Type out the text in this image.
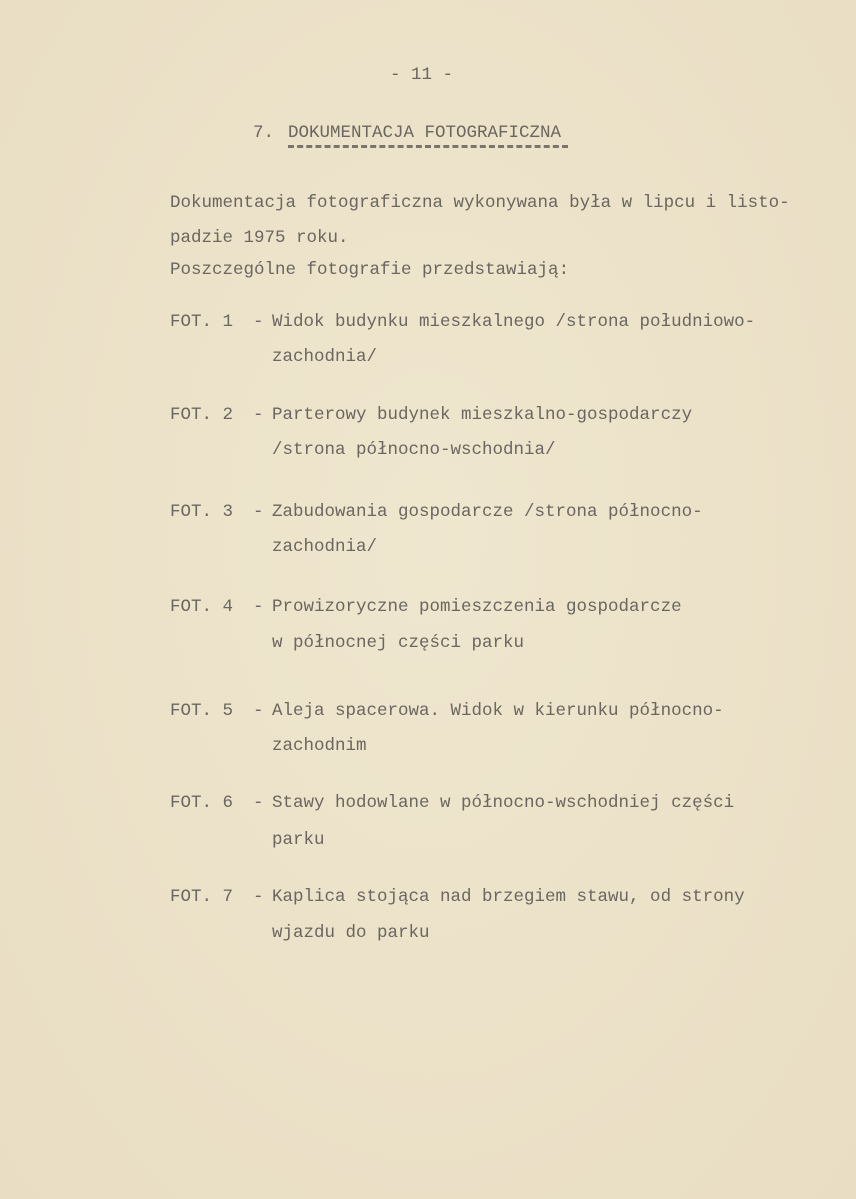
- 11 -
7. DOKUMENTACJA FOTOGRAFICZNA
Dokumentacja fotograficzna wykonywana była w lipcu i listo-
padzie 1975 roku.
Poszczególne fotografie przedstawiają:
FOT. 1 - Widok budynku mieszkalnego /strona południowo-
zachodnia/
FOT. 2 - Parterowy budynek mieszkalno-gospodarczy
/strona północno-wschodnia/
FOT. 3 - Zabudowania gospodarcze /strona północno-
zachodnia/
FOT. 4 - Prowizoryczne pomieszczenia gospodarcze
w północnej części parku
FOT. 5 - Aleja spacerowa. Widok w kierunku północno-
zachodnim
FOT. 6 - Stawy hodowlane w północno-wschodniej części
parku
FOT. 7 - Kaplica stojąca nad brzegiem stawu, od strony
wjazdu do parku
